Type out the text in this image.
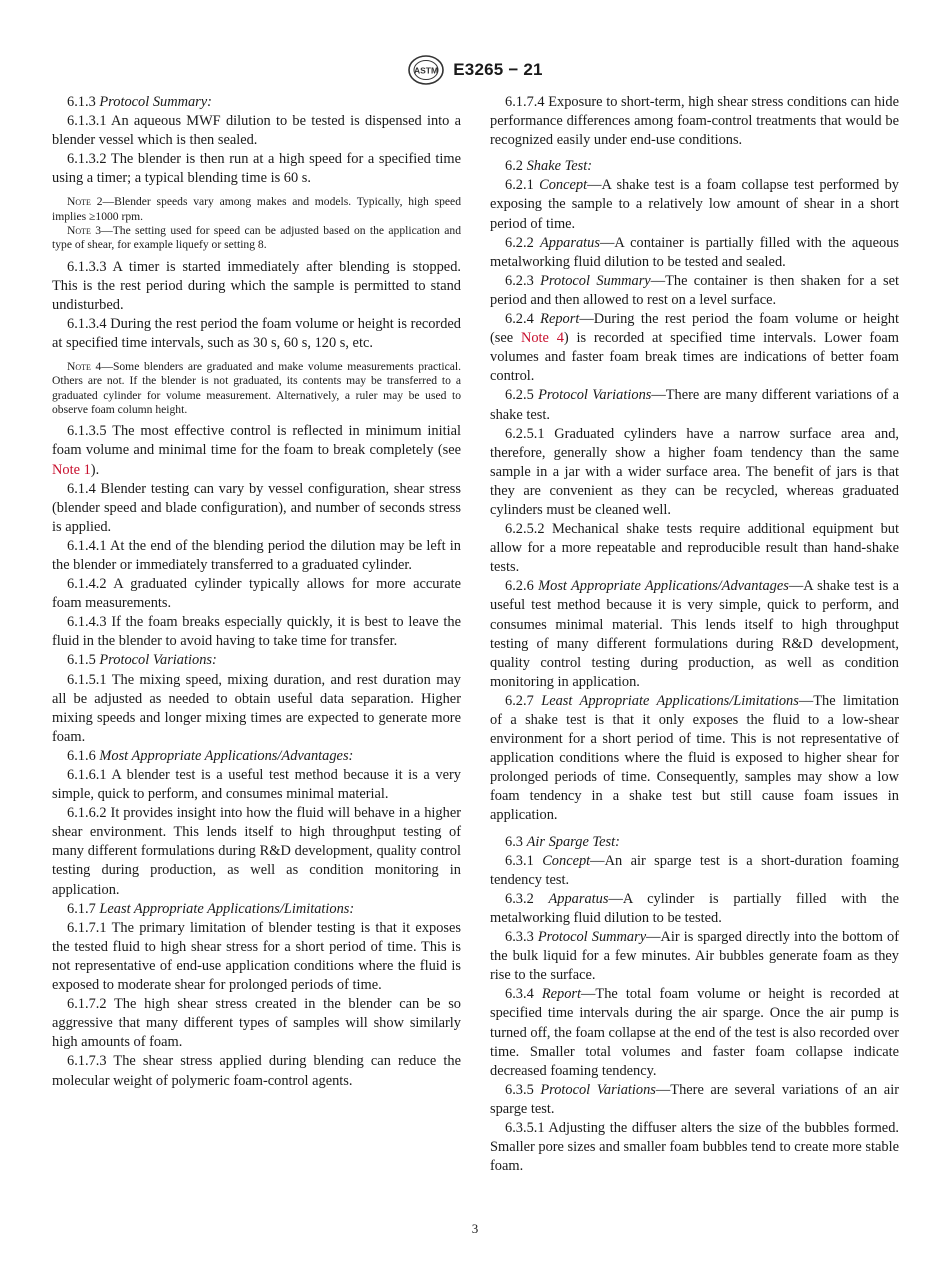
ASTM E3265 − 21

6.1.3 Protocol Summary:

6.1.3.1 An aqueous MWF dilution to be tested is dispensed into a blender vessel which is then sealed.

6.1.3.2 The blender is then run at a high speed for a specified time using a timer; a typical blending time is 60 s.

Note 2—Blender speeds vary among makes and models. Typically, high speed implies ≥1000 rpm.

Note 3—The setting used for speed can be adjusted based on the application and type of shear, for example liquefy or setting 8.

6.1.3.3 A timer is started immediately after blending is stopped. This is the rest period during which the sample is permitted to stand undisturbed.

6.1.3.4 During the rest period the foam volume or height is recorded at specified time intervals, such as 30 s, 60 s, 120 s, etc.

Note 4—Some blenders are graduated and make volume measurements practical. Others are not. If the blender is not graduated, its contents may be transferred to a graduated cylinder for volume measurement. Alternatively, a ruler may be used to observe foam column height.

6.1.3.5 The most effective control is reflected in minimum initial foam volume and minimal time for the foam to break completely (see Note 1).

6.1.4 Blender testing can vary by vessel configuration, shear stress (blender speed and blade configuration), and number of seconds stress is applied.

6.1.4.1 At the end of the blending period the dilution may be left in the blender or immediately transferred to a graduated cylinder.

6.1.4.2 A graduated cylinder typically allows for more accurate foam measurements.

6.1.4.3 If the foam breaks especially quickly, it is best to leave the fluid in the blender to avoid having to take time for transfer.

6.1.5 Protocol Variations:

6.1.5.1 The mixing speed, mixing duration, and rest duration may all be adjusted as needed to obtain useful data separation. Higher mixing speeds and longer mixing times are expected to generate more foam.

6.1.6 Most Appropriate Applications/Advantages:

6.1.6.1 A blender test is a useful test method because it is a very simple, quick to perform, and consumes minimal material.

6.1.6.2 It provides insight into how the fluid will behave in a higher shear environment. This lends itself to high throughput testing of many different formulations during R&D development, quality control testing during production, as well as condition monitoring in application.

6.1.7 Least Appropriate Applications/Limitations:

6.1.7.1 The primary limitation of blender testing is that it exposes the tested fluid to high shear stress for a short period of time. This is not representative of end-use application conditions where the fluid is exposed to moderate shear for prolonged periods of time.

6.1.7.2 The high shear stress created in the blender can be so aggressive that many different types of samples will show similarly high amounts of foam.

6.1.7.3 The shear stress applied during blending can reduce the molecular weight of polymeric foam-control agents.

6.1.7.4 Exposure to short-term, high shear stress conditions can hide performance differences among foam-control treatments that would be recognized easily under end-use conditions.

6.2 Shake Test:

6.2.1 Concept—A shake test is a foam collapse test performed by exposing the sample to a relatively low amount of shear in a short period of time.

6.2.2 Apparatus—A container is partially filled with the aqueous metalworking fluid dilution to be tested and sealed.

6.2.3 Protocol Summary—The container is then shaken for a set period and then allowed to rest on a level surface.

6.2.4 Report—During the rest period the foam volume or height (see Note 4) is recorded at specified time intervals. Lower foam volumes and faster foam break times are indications of better foam control.

6.2.5 Protocol Variations—There are many different variations of a shake test.

6.2.5.1 Graduated cylinders have a narrow surface area and, therefore, generally show a higher foam tendency than the same sample in a jar with a wider surface area. The benefit of jars is that they are convenient as they can be recycled, whereas graduated cylinders must be cleaned well.

6.2.5.2 Mechanical shake tests require additional equipment but allow for a more repeatable and reproducible result than hand-shake tests.

6.2.6 Most Appropriate Applications/Advantages—A shake test is a useful test method because it is very simple, quick to perform, and consumes minimal material. This lends itself to high throughput testing of many different formulations during R&D development, quality control testing during production, as well as condition monitoring in application.

6.2.7 Least Appropriate Applications/Limitations—The limitation of a shake test is that it only exposes the fluid to a low-shear environment for a short period of time. This is not representative of application conditions where the fluid is exposed to higher shear for prolonged periods of time. Consequently, samples may show a low foam tendency in a shake test but still cause foam issues in application.

6.3 Air Sparge Test:

6.3.1 Concept—An air sparge test is a short-duration foaming tendency test.

6.3.2 Apparatus—A cylinder is partially filled with the metalworking fluid dilution to be tested.

6.3.3 Protocol Summary—Air is sparged directly into the bottom of the bulk liquid for a few minutes. Air bubbles generate foam as they rise to the surface.

6.3.4 Report—The total foam volume or height is recorded at specified time intervals during the air sparge. Once the air pump is turned off, the foam collapse at the end of the test is also recorded over time. Smaller total volumes and faster foam collapse indicate decreased foaming tendency.

6.3.5 Protocol Variations—There are several variations of an air sparge test.

6.3.5.1 Adjusting the diffuser alters the size of the bubbles formed. Smaller pore sizes and smaller foam bubbles tend to create more stable foam.

3
